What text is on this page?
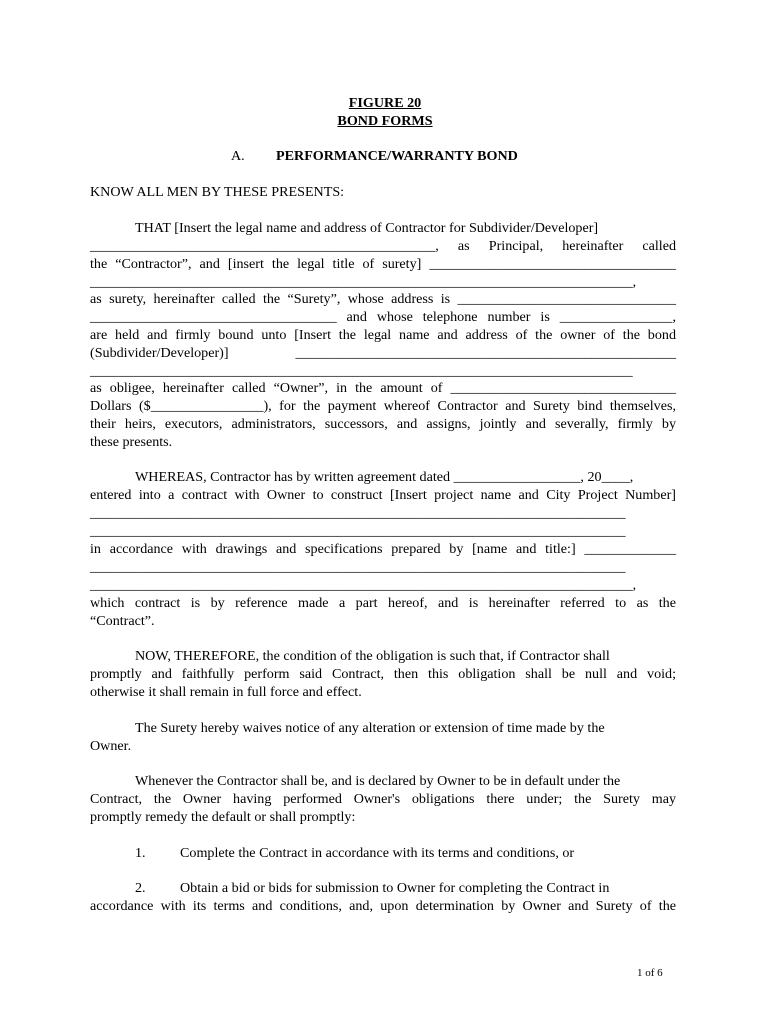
FIGURE 20
BOND FORMS
A. PERFORMANCE/WARRANTY BOND
KNOW ALL MEN BY THESE PRESENTS:
THAT [Insert the legal name and address of Contractor for Subdivider/Developer]
_________________________________________________, as Principal, hereinafter called
the “Contractor”, and [insert the legal title of surety] ___________________________________
_____________________________________________________________________________,
as surety, hereinafter called the “Surety”, whose address is _______________________________
___________________________________ and whose telephone number is ________________,
are held and firmly bound unto [Insert the legal name and address of the owner of the bond
(Subdivider/Developer)] ______________________________________________________
_____________________________________________________________________________
as obligee, hereinafter called “Owner”, in the amount of ________________________________
Dollars ($________________), for the payment whereof Contractor and Surety bind themselves,
their heirs, executors, administrators, successors, and assigns, jointly and severally, firmly by
these presents.
WHEREAS, Contractor has by written agreement dated __________________, 20____,
entered into a contract with Owner to construct [Insert project name and City Project Number]
____________________________________________________________________________
____________________________________________________________________________
in accordance with drawings and specifications prepared by [name and title:] _____________
____________________________________________________________________________
_____________________________________________________________________________,
which contract is by reference made a part hereof, and is hereinafter referred to as the
“Contract”.
NOW, THEREFORE, the condition of the obligation is such that, if Contractor shall
promptly and faithfully perform said Contract, then this obligation shall be null and void;
otherwise it shall remain in full force and effect.
The Surety hereby waives notice of any alteration or extension of time made by the
Owner.
Whenever the Contractor shall be, and is declared by Owner to be in default under the
Contract, the Owner having performed Owner's obligations there under; the Surety may
promptly remedy the default or shall promptly:
1. Complete the Contract in accordance with its terms and conditions, or
2. Obtain a bid or bids for submission to Owner for completing the Contract in
accordance with its terms and conditions, and, upon determination by Owner and Surety of the
1 of 6
